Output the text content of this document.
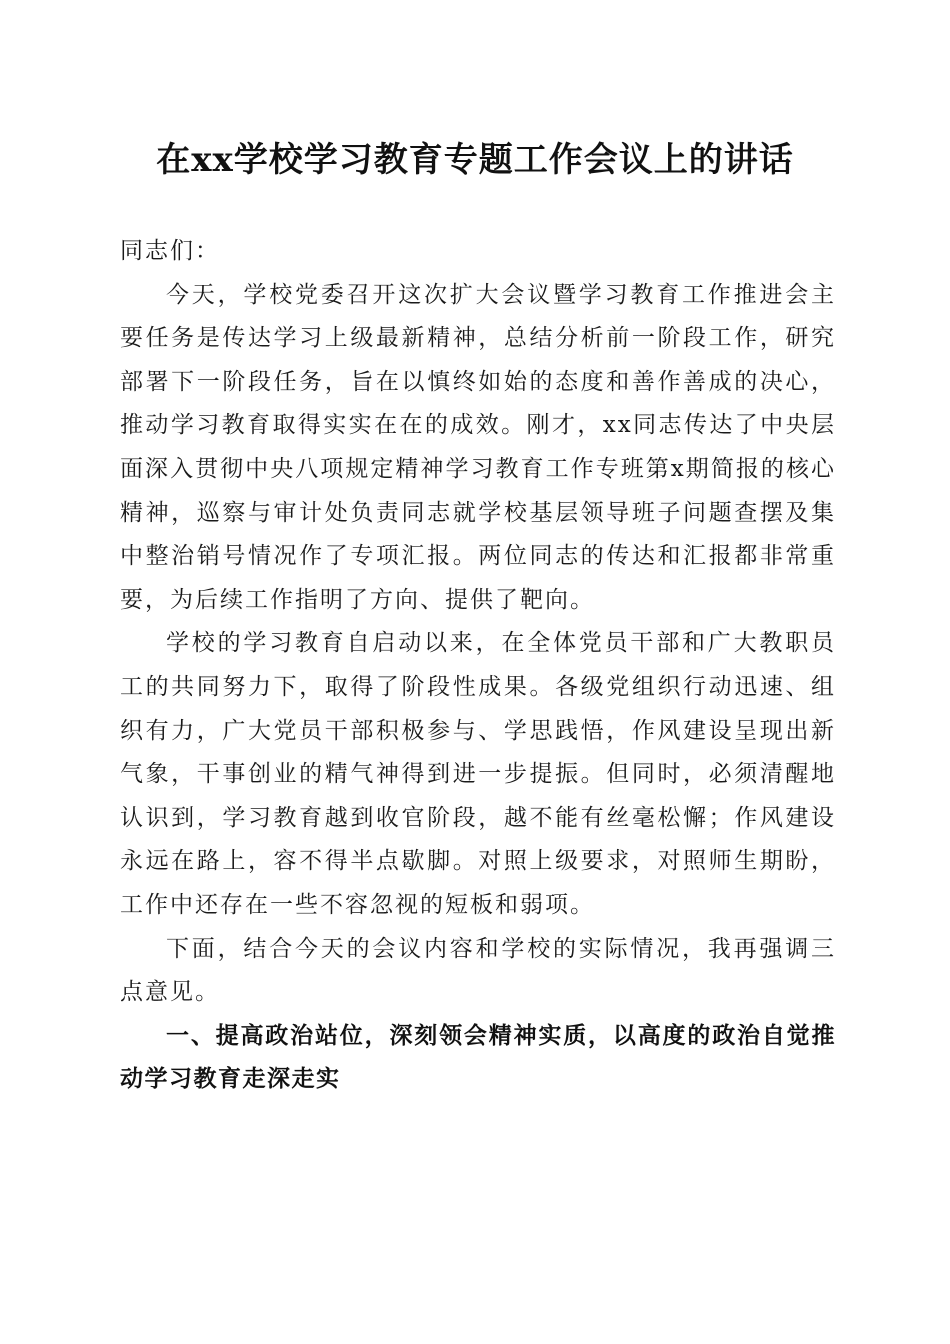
在xx学校学习教育专题工作会议上的讲话

同志们：

今天，学校党委召开这次扩大会议暨学习教育工作推进会主要任务是传达学习上级最新精神，总结分析前一阶段工作，研究部署下一阶段任务，旨在以慎终如始的态度和善作善成的决心，推动学习教育取得实实在在的成效。刚才，xx同志传达了中央层面深入贯彻中央八项规定精神学习教育工作专班第x期简报的核心精神，巡察与审计处负责同志就学校基层领导班子问题查摆及集中整治销号情况作了专项汇报。两位同志的传达和汇报都非常重要，为后续工作指明了方向、提供了靶向。

学校的学习教育自启动以来，在全体党员干部和广大教职员工的共同努力下，取得了阶段性成果。各级党组织行动迅速、组织有力，广大党员干部积极参与、学思践悟，作风建设呈现出新气象，干事创业的精气神得到进一步提振。但同时，必须清醒地认识到，学习教育越到收官阶段，越不能有丝毫松懈；作风建设永远在路上，容不得半点歇脚。对照上级要求，对照师生期盼，工作中还存在一些不容忽视的短板和弱项。

下面，结合今天的会议内容和学校的实际情况，我再强调三点意见。

一、提高政治站位，深刻领会精神实质，以高度的政治自觉推动学习教育走深走实
